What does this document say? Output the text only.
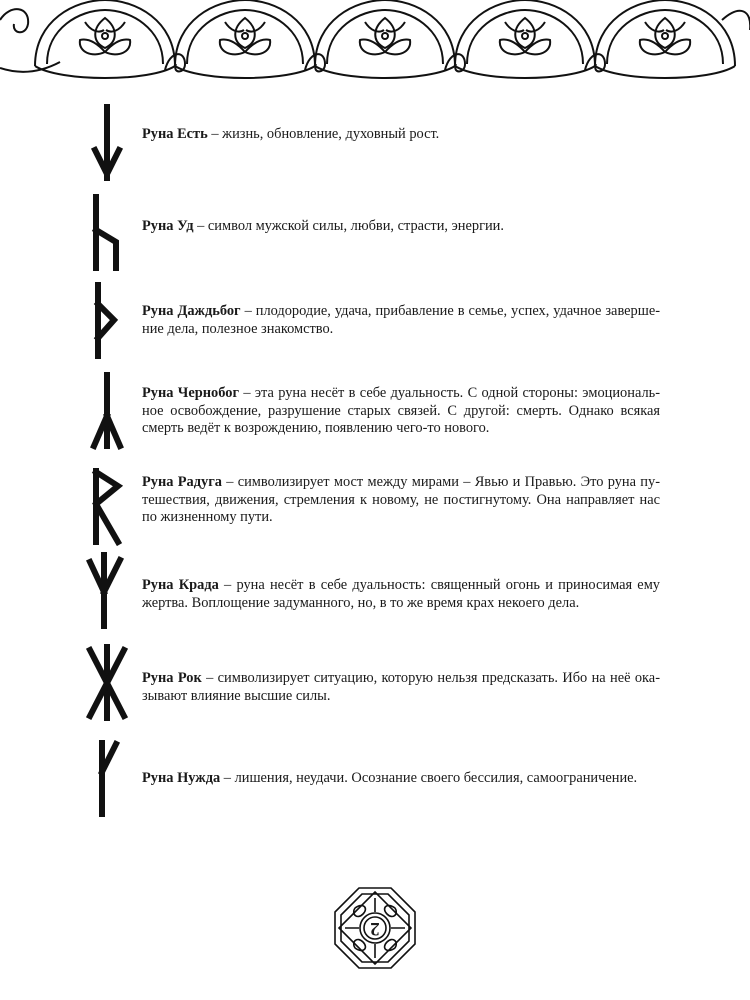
Руна Есть – жизнь, обновление, духовный рост.
Руна Уд – символ мужской силы, любви, страсти, энергии.
Руна Даждьбог – плодородие, удача, прибавление в семье, успех, удачное завершение дела, полезное знакомство.
Руна Чернобог – эта руна несёт в себе дуальность. С одной стороны: эмоциональное освобождение, разрушение старых связей. С другой: смерть. Однако всякая смерть ведёт к возрождению, появлению чего-то нового.
Руна Радуга – символизирует мост между мирами – Явью и Правью. Это руна путешествия, движения, стремления к новому, не постигнутому. Она направляет нас по жизненному пути.
Руна Крада – руна несёт в себе дуальность: священный огонь и приносимая ему жертва. Воплощение задуманного, но, в то же время крах некоего дела.
Руна Рок – символизирует ситуацию, которую нельзя предсказать. Ибо на неё оказывают влияние высшие силы.
Руна Нужда – лишения, неудачи. Осознание своего бессилия, самоограничение.
2
